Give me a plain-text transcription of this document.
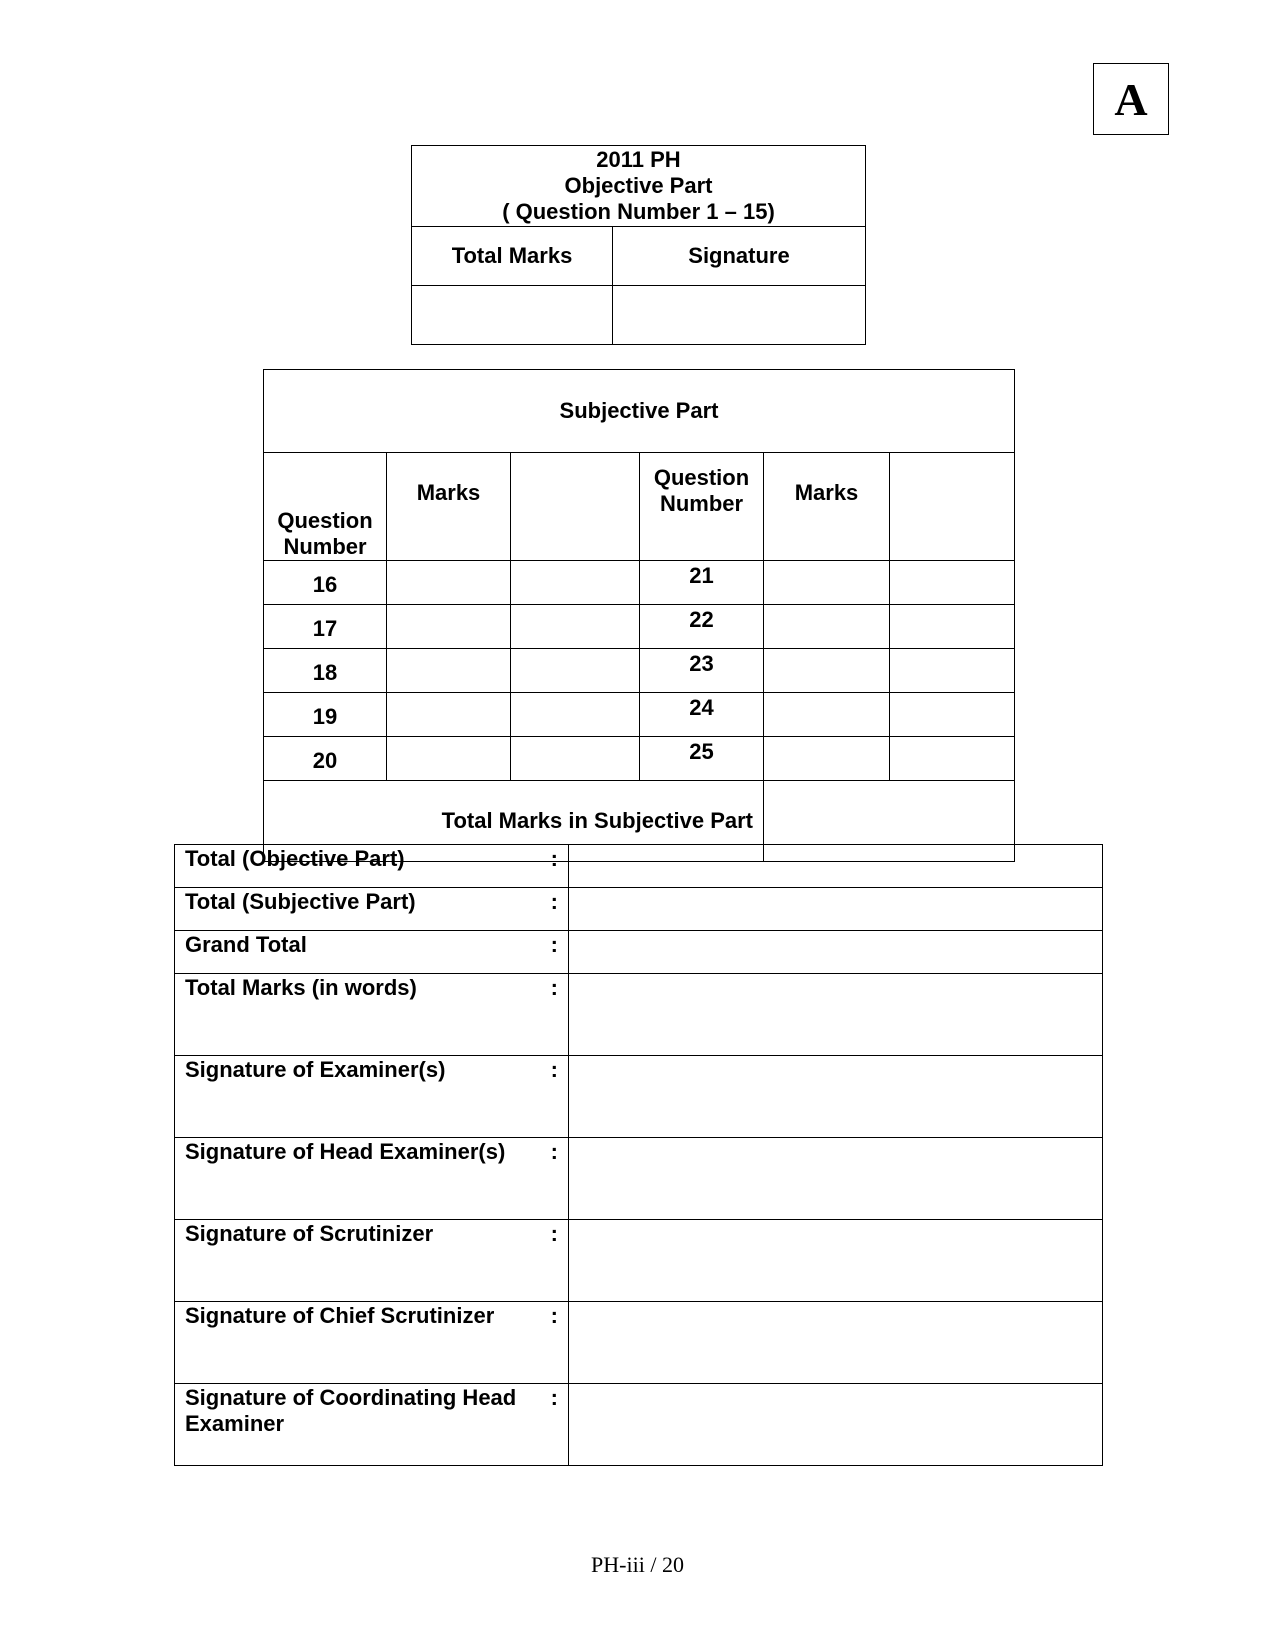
A
2011 PH
Objective Part
( Question Number 1 – 15)	

Total Marks	Signature

Subjective Part					
Question Number	Marks		Question Number	Marks	
16			21		
17			22		
18			23		
19			24		
20			25		
Total Marks in Subjective Part					
Total (Objective Part) :	

Total (Subjective Part) :	

Grand Total :	

Total Marks (in words) :	

Signature of Examiner(s) :	

Signature of Head Examiner(s) :	

Signature of Scrutinizer :	

Signature of Chief Scrutinizer :	

Signature of Coordinating Head Examiner
:	

PH-iii / 20
